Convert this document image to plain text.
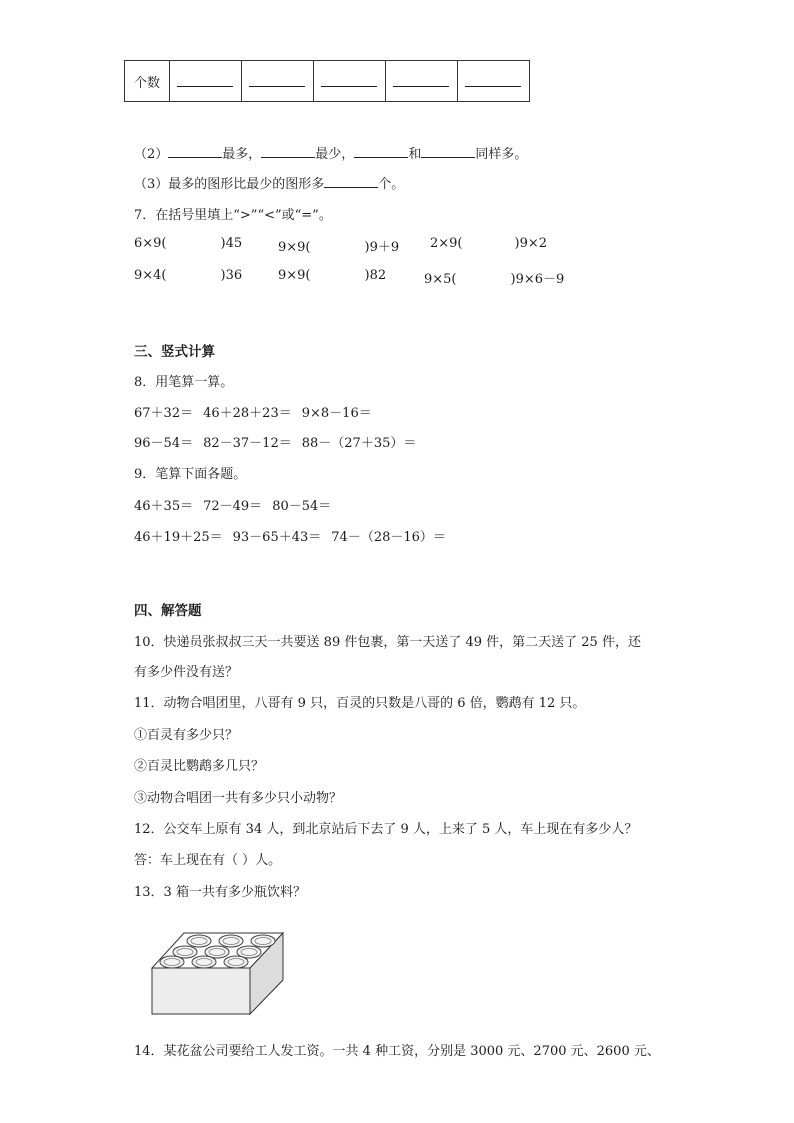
个数					
（2）	最多，	最少，	和	同样多。
（3）最多的图形比最少的图形多	个。
7．在括号里填上“>”“<”或“=”。
6×9(	)45	9×9(	)9＋9 2×9(	)9×2
9×4(	)36	9×9(	)82	9×5(	)9×6－9
三、竖式计算
8．用笔算一算。
67＋32＝ 46＋28＋23＝ 9×8－16＝
96－54＝ 82－37－12＝ 88－（27＋35）＝
9．笔算下面各题。
46＋35＝ 72－49＝ 80－54＝
46＋19＋25＝ 93－65＋43＝ 74－（28－16）＝
四、解答题
10．快递员张叔叔三天一共要送 89 件包裹，第一天送了 49 件，第二天送了 25 件，还
有多少件没有送？
11．动物合唱团里，八哥有 9 只，百灵的只数是八哥的 6 倍，鹦鹉有 12 只。
①百灵有多少只？
②百灵比鹦鹉多几只？
③动物合唱团一共有多少只小动物？
12．公交车上原有 34 人，到北京站后下去了 9 人，上来了 5 人，车上现在有多少人？
答：车上现在有（ ）人。
13．3 箱一共有多少瓶饮料？
14．某花盆公司要给工人发工资。一共 4 种工资，分别是 3000 元、2700 元、2600 元、
